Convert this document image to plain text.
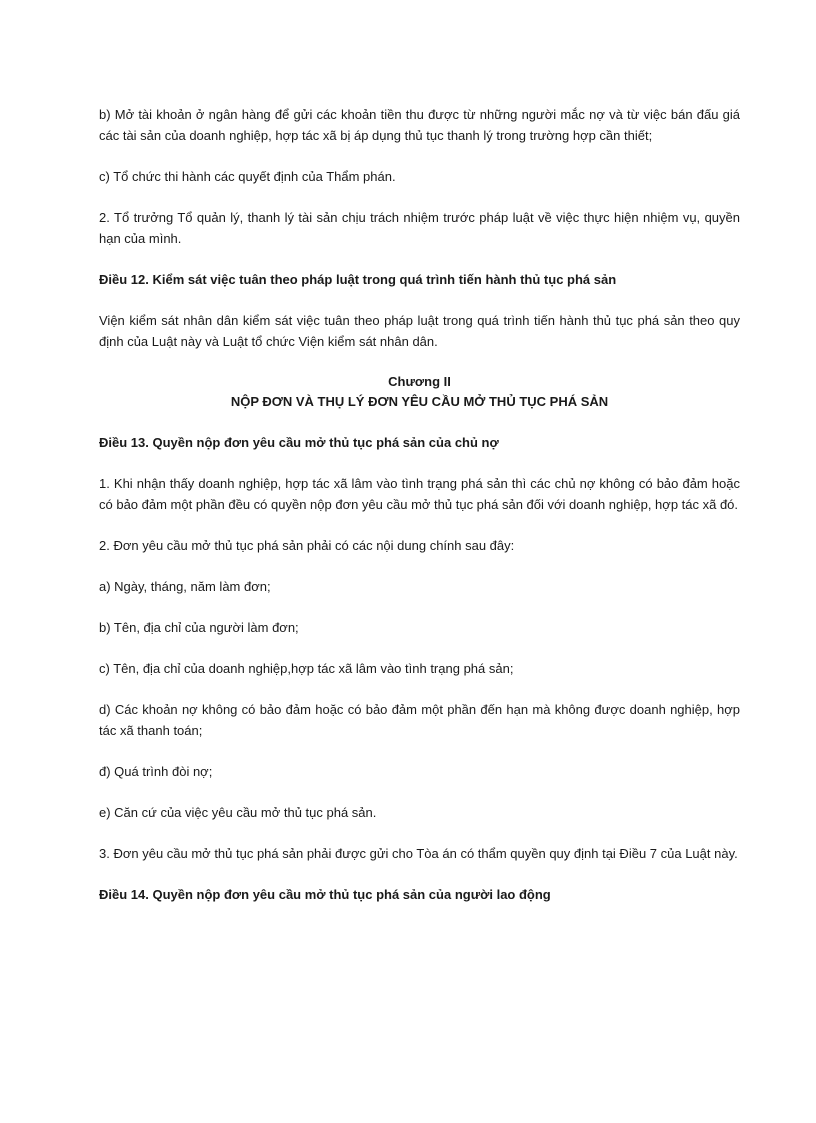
b) Mở tài khoản ở ngân hàng để gửi các khoản tiền thu được từ những người mắc nợ và từ việc bán đấu giá các tài sản của doanh nghiệp, hợp tác xã bị áp dụng thủ tục thanh lý trong trường hợp cần thiết;

c) Tổ chức thi hành các quyết định của Thẩm phán.

2. Tổ trưởng Tổ quản lý, thanh lý tài sản chịu trách nhiệm trước pháp luật về việc thực hiện nhiệm vụ, quyền hạn của mình.

Điều 12. Kiểm sát việc tuân theo pháp luật trong quá trình tiến hành thủ tục phá sản

Viện kiểm sát nhân dân kiểm sát việc tuân theo pháp luật trong quá trình tiến hành thủ tục phá sản theo quy định của Luật này và Luật tổ chức Viện kiểm sát nhân dân.

Chương II
NỘP ĐƠN VÀ THỤ LÝ ĐƠN YÊU CẦU MỞ THỦ TỤC PHÁ SẢN

Điều 13. Quyền nộp đơn yêu cầu mở thủ tục phá sản của chủ nợ

1. Khi nhận thấy doanh nghiệp, hợp tác xã lâm vào tình trạng phá sản thì các chủ nợ không có bảo đảm hoặc có bảo đảm một phần đều có quyền nộp đơn yêu cầu mở thủ tục phá sản đối với doanh nghiệp, hợp tác xã đó.

2. Đơn yêu cầu mở thủ tục phá sản phải có các nội dung chính sau đây:

a) Ngày, tháng, năm làm đơn;

b) Tên, địa chỉ của người làm đơn;

c) Tên, địa chỉ của doanh nghiệp,hợp tác xã lâm vào tình trạng phá sản;

d) Các khoản nợ không có bảo đảm hoặc có bảo đảm một phần đến hạn mà không được doanh nghiệp, hợp tác xã thanh toán;

đ) Quá trình đòi nợ;

e) Căn cứ của việc yêu cầu mở thủ tục phá sản.

3. Đơn yêu cầu mở thủ tục phá sản phải được gửi cho Tòa án có thẩm quyền quy định tại Điều 7 của Luật này.

Điều 14. Quyền nộp đơn yêu cầu mở thủ tục phá sản của người lao động
